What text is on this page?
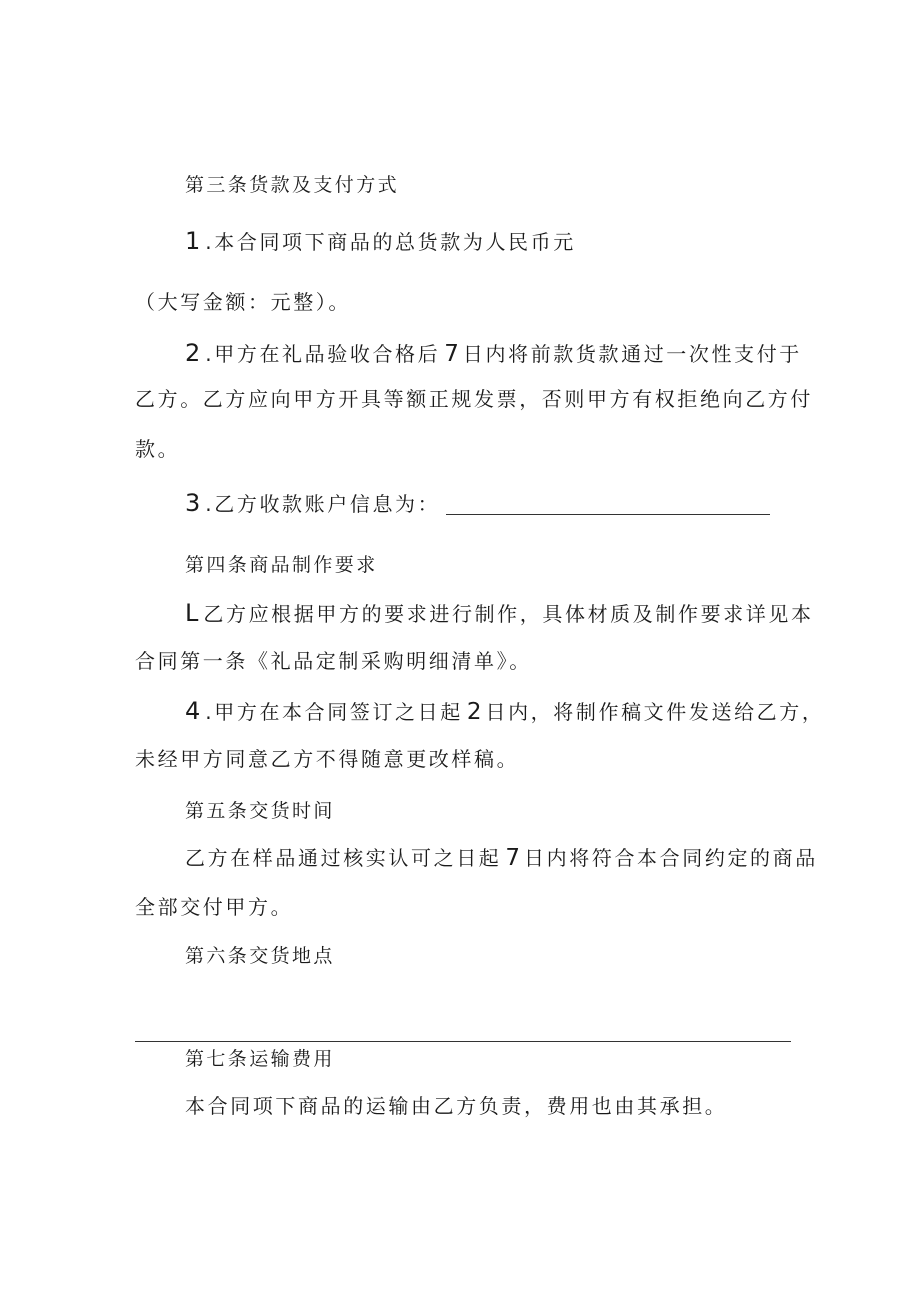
第三条货款及支付方式
1 .本合同项下商品的总货款为人民币元
（大写金额：元整）。
2 .甲方在礼品验收合格后 7 日内将前款货款通过一次性支付于
乙方。乙方应向甲方开具等额正规发票，否则甲方有权拒绝向乙方付
款。
3 .乙方收款账户信息为：
第四条商品制作要求
L 乙方应根据甲方的要求进行制作，具体材质及制作要求详见本
合同第一条《礼品定制采购明细清单》。
4 .甲方在本合同签订之日起 2 日内，将制作稿文件发送给乙方，
未经甲方同意乙方不得随意更改样稿。
第五条交货时间
乙方在样品通过核实认可之日起 7 日内将符合本合同约定的商品
全部交付甲方。
第六条交货地点
第七条运输费用
本合同项下商品的运输由乙方负责，费用也由其承担。
